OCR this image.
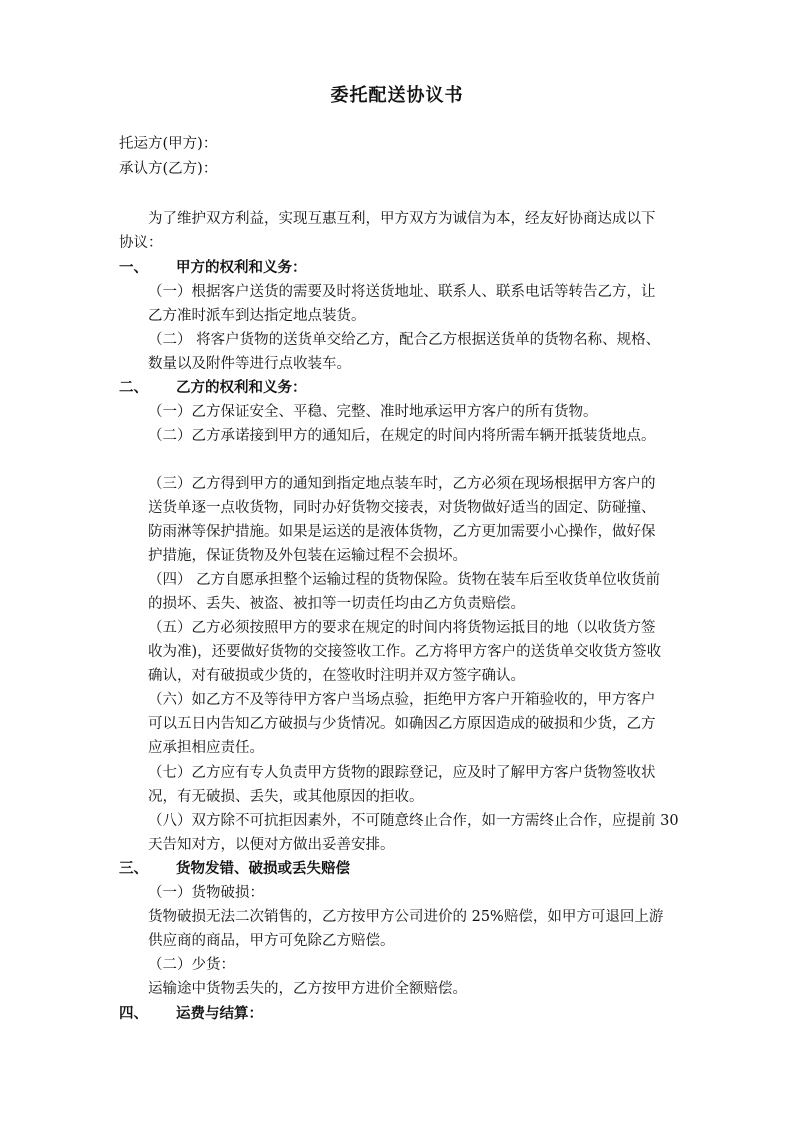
委托配送协议书
托运方(甲方)：
承认方(乙方)：
为了维护双方利益，实现互惠互利，甲方双方为诚信为本，经友好协商达成以下
协议：
一、 甲方的权利和义务：
（一）根据客户送货的需要及时将送货地址、联系人、联系电话等转告乙方，让
乙方准时派车到达指定地点装货。
（二） 将客户货物的送货单交给乙方，配合乙方根据送货单的货物名称、规格、
数量以及附件等进行点收装车。
二、 乙方的权利和义务：
（一）乙方保证安全、平稳、完整、准时地承运甲方客户的所有货物。
（二）乙方承诺接到甲方的通知后，在规定的时间内将所需车辆开抵装货地点。
（三）乙方得到甲方的通知到指定地点装车时，乙方必须在现场根据甲方客户的
送货单逐一点收货物，同时办好货物交接表，对货物做好适当的固定、防碰撞、
防雨淋等保护措施。如果是运送的是液体货物，乙方更加需要小心操作，做好保
护措施，保证货物及外包装在运输过程不会损坏。
（四） 乙方自愿承担整个运输过程的货物保险。货物在装车后至收货单位收货前
的损坏、丢失、被盗、被扣等一切责任均由乙方负责赔偿。
（五）乙方必须按照甲方的要求在规定的时间内将货物运抵目的地（以收货方签
收为准)，还要做好货物的交接签收工作。乙方将甲方客户的送货单交收货方签收
确认，对有破损或少货的，在签收时注明并双方签字确认。
（六）如乙方不及等待甲方客户当场点验，拒绝甲方客户开箱验收的，甲方客户
可以五日内告知乙方破损与少货情况。如确因乙方原因造成的破损和少货，乙方
应承担相应责任。
（七）乙方应有专人负责甲方货物的跟踪登记，应及时了解甲方客户货物签收状
况，有无破损、丢失，或其他原因的拒收。
（八）双方除不可抗拒因素外，不可随意终止合作，如一方需终止合作，应提前 30
天告知对方，以便对方做出妥善安排。
三、 货物发错、破损或丢失赔偿
（一）货物破损：
货物破损无法二次销售的，乙方按甲方公司进价的 25%赔偿，如甲方可退回上游
供应商的商品，甲方可免除乙方赔偿。
（二）少货：
运输途中货物丢失的，乙方按甲方进价全额赔偿。
四、 运费与结算：
